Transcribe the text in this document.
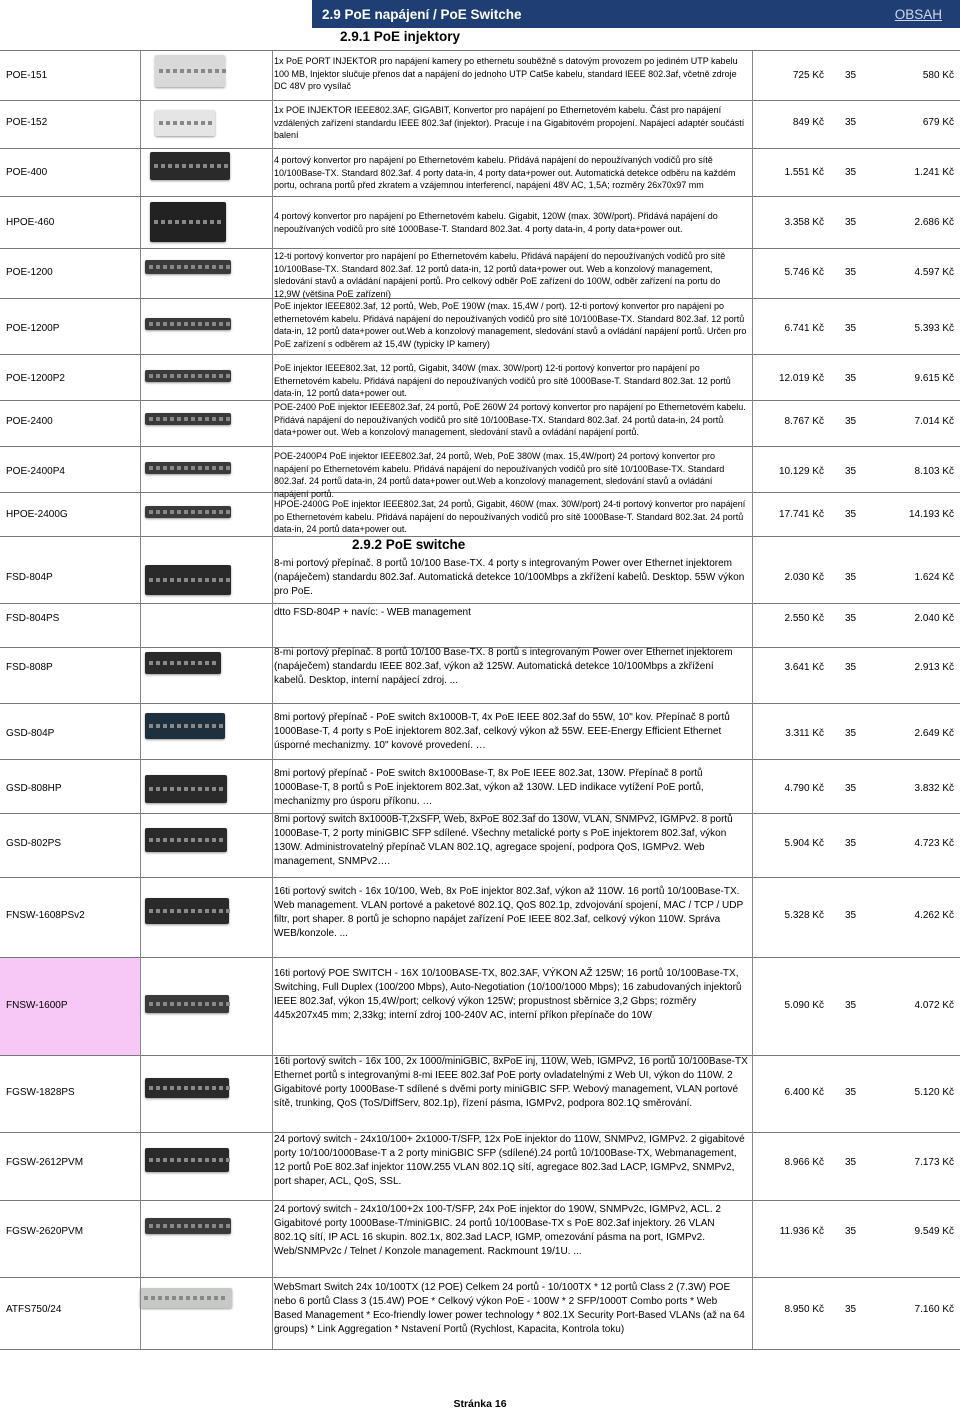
2.9 PoE napájení / PoE Switche	OBSAH
2.9.1 PoE injektory
2.9.2 PoE switche
POE-151
1x PoE PORT INJEKTOR pro napájení kamery po ethernetu souběžně s datovým provozem po jediném UTP kabelu 100 MB, Injektor slučuje přenos dat a napájení do jednoho UTP Cat5e kabelu, standard IEEE 802.3af, včetně zdroje DC 48V pro vysílač
725 Kč 35	580 Kč
POE-152
1x POE INJEKTOR IEEE802.3AF, GIGABIT, Konvertor pro napájení po Ethernetovém kabelu. Část pro napájení vzdálených zařízení standardu IEEE 802.3af (injektor). Pracuje i na Gigabitovém propojení. Napájecí adaptér součástí balení
849 Kč 35	679 Kč
POE-400
4 portový konvertor pro napájení po Ethernetovém kabelu. Přidává napájení do nepoužívaných vodičů pro sítě 10/100Base-TX. Standard 802.3af. 4 porty data-in, 4 porty data+power out. Automatická detekce odběru na každém portu, ochrana portů před zkratem a vzájemnou interferencí, napájení 48V AC, 1,5A; rozměry 26x70x97 mm
1.551 Kč 35	1.241 Kč
HPOE-460
4 portový konvertor pro napájení po Ethernetovém kabelu. Gigabit, 120W (max. 30W/port). Přidává napájení do nepoužívaných vodičů pro sítě 1000Base-T. Standard 802.3at. 4 porty data-in, 4 porty data+power out.
3.358 Kč 35	2.686 Kč
POE-1200
12-ti portový konvertor pro napájení po Ethernetovém kabelu. Přidává napájení do nepoužívaných vodičů pro sítě 10/100Base-TX. Standard 802.3af. 12 portů data-in, 12 portů data+power out. Web a konzolový management, sledování stavů a ovládání napájení portů. Pro celkový odběr PoE zařízení do 100W, odběr zařízení na portu do 12,9W (většina PoE zařízení)
5.746 Kč 35	4.597 Kč
POE-1200P
PoE injektor IEEE802.3af, 12 portů, Web, PoE 190W (max. 15,4W / port). 12-ti portový konvertor pro napájení po ethernetovém kabelu. Přidává napájení do nepoužívaných vodičů pro sítě 10/100Base-TX. Standard 802.3af. 12 portů data-in, 12 portů data+power out.Web a konzolový management, sledování stavů a ovládání napájení portů. Určen pro PoE zařízení s odběrem až 15,4W (typicky IP kamery)
6.741 Kč 35	5.393 Kč
POE-1200P2
PoE injektor IEEE802.3at, 12 portů, Gigabit, 340W (max. 30W/port) 12-ti portový konvertor pro napájení po Ethernetovém kabelu. Přidává napájení do nepoužívaných vodičů pro sítě 1000Base-T. Standard 802.3at. 12 portů data-in, 12 portů data+power out.
12.019 Kč 35	9.615 Kč
POE-2400
POE-2400 PoE injektor IEEE802.3af, 24 portů, PoE 260W 24 portový konvertor pro napájení po Ethernetovém kabelu. Přidává napájení do nepoužívaných vodičů pro sítě 10/100Base-TX. Standard 802.3af. 24 portů data-in, 24 portů data+power out. Web a konzolový management, sledování stavů a ovládání napájení portů.
8.767 Kč 35	7.014 Kč
POE-2400P4
POE-2400P4 PoE injektor IEEE802.3af, 24 portů, Web, PoE 380W (max. 15,4W/port) 24 portový konvertor pro napájení po Ethernetovém kabelu. Přidává napájení do nepoužívaných vodičů pro sítě 10/100Base-TX. Standard 802.3af. 24 portů data-in, 24 portů data+power out.Web a konzolový management, sledování stavů a ovládání napájení portů.
10.129 Kč 35	8.103 Kč
HPOE-2400G
HPOE-2400G PoE injektor IEEE802.3at, 24 portů, Gigabit, 460W (max. 30W/port) 24-ti portový konvertor pro napájení po Ethernetovém kabelu. Přidává napájení do nepoužívaných vodičů pro sítě 1000Base-T. Standard 802.3at. 24 portů data-in, 24 portů data+power out.
17.741 Kč 35	14.193 Kč
FSD-804P
8-mi portový přepínač. 8 portů 10/100 Base-TX. 4 porty s integrovaným Power over Ethernet injektorem (napáječem) standardu 802.3af. Automatická detekce 10/100Mbps a zkřížení kabelů. Desktop. 55W výkon pro PoE.
2.030 Kč 35	1.624 Kč
FSD-804PS
dtto FSD-804P + navíc: - WEB management
2.550 Kč 35	2.040 Kč
FSD-808P
8-mi portový přepínač. 8 portů 10/100 Base-TX. 8 portů s integrovaným Power over Ethernet injektorem (napáječem) standardu IEEE 802.3af, výkon až 125W. Automatická detekce 10/100Mbps a zkřížení kabelů. Desktop, interní napájecí zdroj. ...
3.641 Kč 35	2.913 Kč
GSD-804P
8mi portový přepínač - PoE switch 8x1000B-T, 4x PoE IEEE 802.3af do 55W, 10" kov. Přepínač 8 portů 1000Base-T, 4 porty s PoE injektorem 802.3af, celkový výkon až 55W. EEE-Energy Efficient Ethernet úsporné mechanizmy. 10" kovové provedení. …
3.311 Kč 35	2.649 Kč
GSD-808HP
8mi portový přepínač - PoE switch 8x1000Base-T, 8x PoE IEEE 802.3at, 130W. Přepínač 8 portů 1000Base-T, 8 portů s PoE injektorem 802.3at, výkon až 130W. LED indikace vytížení PoE portů, mechanizmy pro úsporu příkonu. …
4.790 Kč 35	3.832 Kč
GSD-802PS
8mi portový switch 8x1000B-T,2xSFP, Web, 8xPoE 802.3af do 130W, VLAN, SNMPv2, IGMPv2. 8 portů 1000Base-T, 2 porty miniGBIC SFP sdílené. Všechny metalické porty s PoE injektorem 802.3af, výkon 130W. Administrovatelný přepínač VLAN 802.1Q, agregace spojení, podpora QoS, IGMPv2. Web management, SNMPv2….
5.904 Kč 35	4.723 Kč
FNSW-1608PSv2
16ti portový switch - 16x 10/100, Web, 8x PoE injektor 802.3af, výkon až 110W. 16 portů 10/100Base-TX. Web management. VLAN portové a paketové 802.1Q, QoS 802.1p, zdvojování spojení, MAC / TCP / UDP filtr, port shaper. 8 portů je schopno napájet zařízení PoE IEEE 802.3af, celkový výkon 110W. Správa WEB/konzole. ...
5.328 Kč 35	4.262 Kč
FNSW-1600P
16ti portový POE SWITCH - 16X 10/100BASE-TX, 802.3AF, VÝKON AŽ 125W; 16 portů 10/100Base-TX, Switching, Full Duplex (100/200 Mbps), Auto-Negotiation (10/100/1000 Mbps); 16 zabudovaných injektorů IEEE 802.3af, výkon 15,4W/port; celkový výkon 125W; propustnost sběrnice 3,2 Gbps; rozměry 445x207x45 mm; 2,33kg; interní zdroj 100-240V AC, interní příkon přepínače do 10W
5.090 Kč 35	4.072 Kč
FGSW-1828PS
16ti portový switch - 16x 100, 2x 1000/miniGBIC, 8xPoE inj, 110W, Web, IGMPv2, 16 portů 10/100Base-TX Ethernet portů s integrovanými 8-mi IEEE 802.3af PoE porty ovladatelnými z Web UI, výkon do 110W. 2 Gigabitové porty 1000Base-T sdílené s dvěmi porty miniGBIC SFP. Webový management, VLAN portové sítě, trunking, QoS (ToS/DiffServ, 802.1p), řízení pásma, IGMPv2, podpora 802.1Q směrování.
6.400 Kč 35	5.120 Kč
FGSW-2612PVM
24 portový switch - 24x10/100+ 2x1000-T/SFP, 12x PoE injektor do 110W, SNMPv2, IGMPv2. 2 gigabitové porty 10/100/1000Base-T a 2 porty miniGBIC SFP (sdílené).24 portů 10/100Base-TX, Webmanagement, 12 portů PoE 802.3af injektor 110W.255 VLAN 802.1Q sítí, agregace 802.3ad LACP, IGMPv2, SNMPv2, port shaper, ACL, QoS, SSL.
8.966 Kč 35	7.173 Kč
FGSW-2620PVM
24 portový switch - 24x10/100+2x 100-T/SFP, 24x PoE injektor do 190W, SNMPv2c, IGMPv2, ACL. 2 Gigabitové porty 1000Base-T/miniGBIC. 24 portů 10/100Base-TX s PoE 802.3af injektory. 26 VLAN 802.1Q sítí, IP ACL 16 skupin. 802.1x, 802.3ad LACP, IGMP, omezování pásma na port, IGMPv2. Web/SNMPv2c / Telnet / Konzole management. Rackmount 19/1U. ...
11.936 Kč 35	9.549 Kč
ATFS750/24
WebSmart Switch 24x 10/100TX (12 POE) Celkem 24 portů - 10/100TX * 12 portů Class 2 (7.3W) POE nebo 6 portů Class 3 (15.4W) POE * Celkový výkon PoE - 100W * 2 SFP/1000T Combo ports * Web Based Management * Eco-friendly lower power technology * 802.1X Security Port-Based VLANs (až na 64 groups) * Link Aggregation * Nstavení Portů (Rychlost, Kapacita, Kontrola toku)
8.950 Kč 35	7.160 Kč
Stránka 16
